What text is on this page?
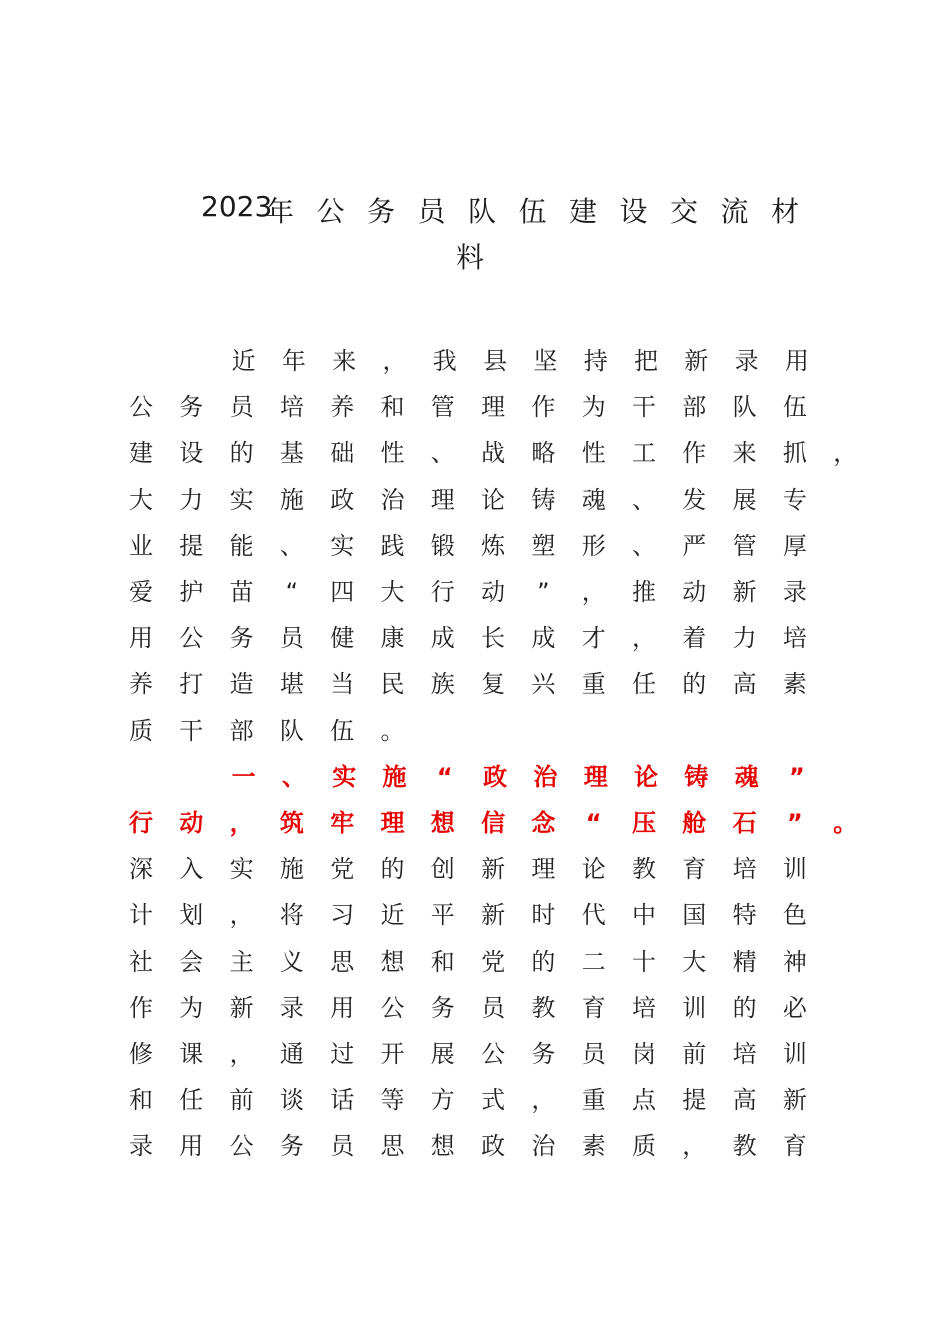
2023
年 公 务 员 队 伍 建 设 交 流 材
料
近 年 来 ， 我 县 坚 持 把 新 录 用
公 务 员 培 养 和 管 理 作 为 干 部 队 伍
建 设 的 基 础 性 、 战 略 性 工 作 来 抓 ，
大 力 实 施 政 治 理 论 铸 魂 、 发 展 专
业 提 能 、 实 践 锻 炼 塑 形 、 严 管 厚
爱 护 苗	“	四 大 行 动	”	， 推 动 新 录
用 公 务 员 健 康 成 长 成 才 ， 着 力 培
养 打 造 堪 当 民 族 复 兴 重 任 的 高 素
质 干 部 队 伍 。
一 、 实 施 “ 政 治 理 论 铸 魂 ”
行 动 ， 筑 牢 理 想 信 念 “ 压 舱 石 ” 。
深 入 实 施 党 的 创 新 理 论 教 育 培 训
计 划 ， 将 习 近 平 新 时 代 中 国 特 色
社 会 主 义 思 想 和 党 的 二 十 大 精 神
作 为 新 录 用 公 务 员 教 育 培 训 的 必
修 课 ， 通 过 开 展 公 务 员 岗 前 培 训
和 任 前 谈 话 等 方 式 ， 重 点 提 高 新
录 用 公 务 员 思 想 政 治 素 质 ， 教 育
